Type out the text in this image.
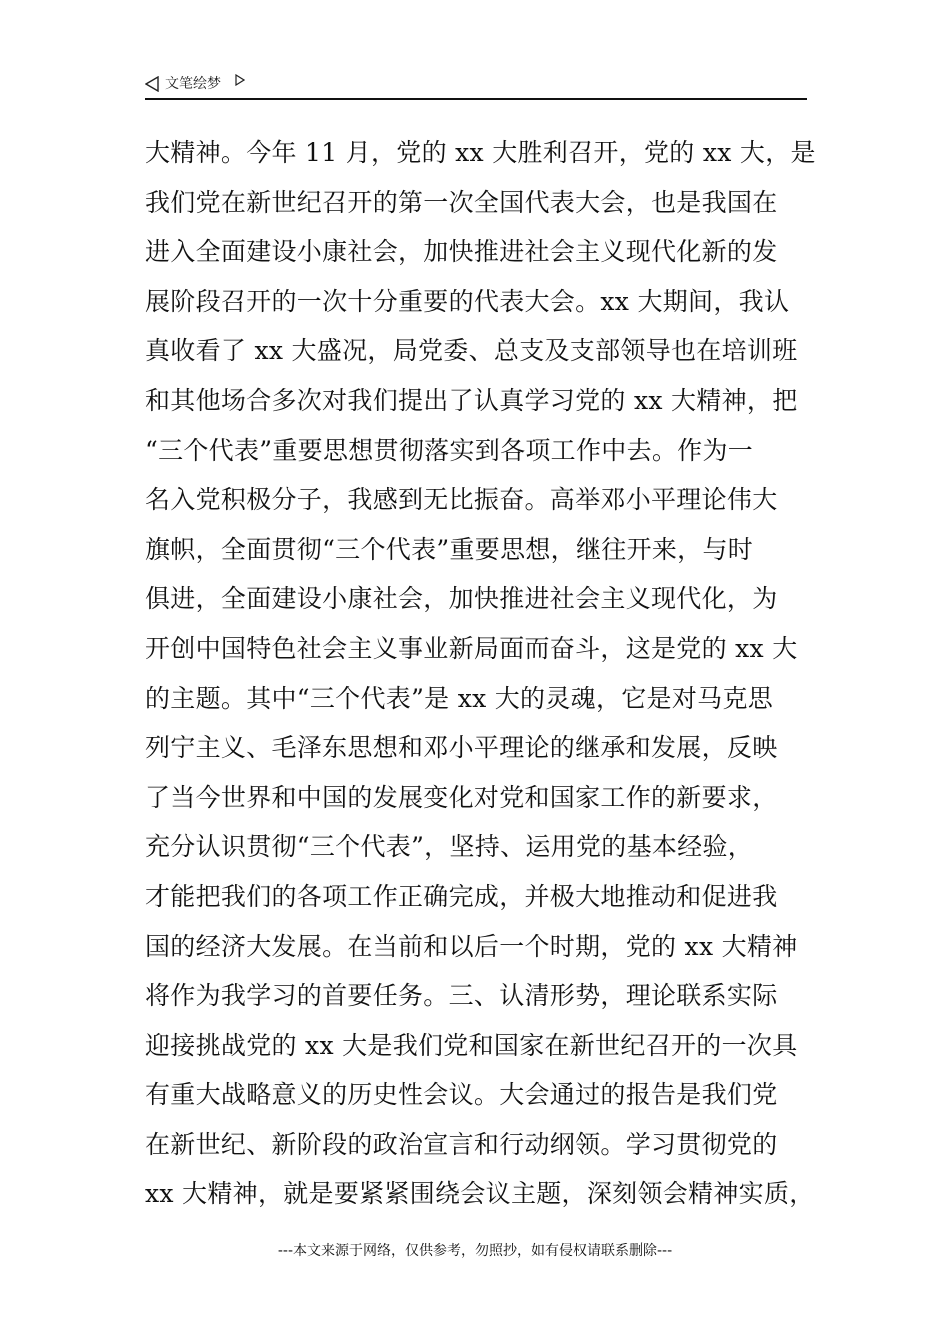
文笔绘梦
大精神。今年 11 月，党的 xx 大胜利召开，党的 xx 大，是
我们党在新世纪召开的第一次全国代表大会，也是我国在
进入全面建设小康社会，加快推进社会主义现代化新的发
展阶段召开的一次十分重要的代表大会。xx 大期间，我认
真收看了 xx 大盛况，局党委、总支及支部领导也在培训班
和其他场合多次对我们提出了认真学习党的 xx 大精神，把
“三个代表”重要思想贯彻落实到各项工作中去。作为一
名入党积极分子，我感到无比振奋。高举邓小平理论伟大
旗帜，全面贯彻“三个代表”重要思想，继往开来，与时
俱进，全面建设小康社会，加快推进社会主义现代化，为
开创中国特色社会主义事业新局面而奋斗，这是党的 xx 大
的主题。其中“三个代表”是 xx 大的灵魂，它是对马克思
列宁主义、毛泽东思想和邓小平理论的继承和发展，反映
了当今世界和中国的发展变化对党和国家工作的新要求，
充分认识贯彻“三个代表”，坚持、运用党的基本经验，
才能把我们的各项工作正确完成，并极大地推动和促进我
国的经济大发展。在当前和以后一个时期，党的 xx 大精神
将作为我学习的首要任务。三、认清形势，理论联系实际
迎接挑战党的 xx 大是我们党和国家在新世纪召开的一次具
有重大战略意义的历史性会议。大会通过的报告是我们党
在新世纪、新阶段的政治宣言和行动纲领。学习贯彻党的
xx 大精神，就是要紧紧围绕会议主题，深刻领会精神实质，
---本文来源于网络，仅供参考，勿照抄，如有侵权请联系删除---
